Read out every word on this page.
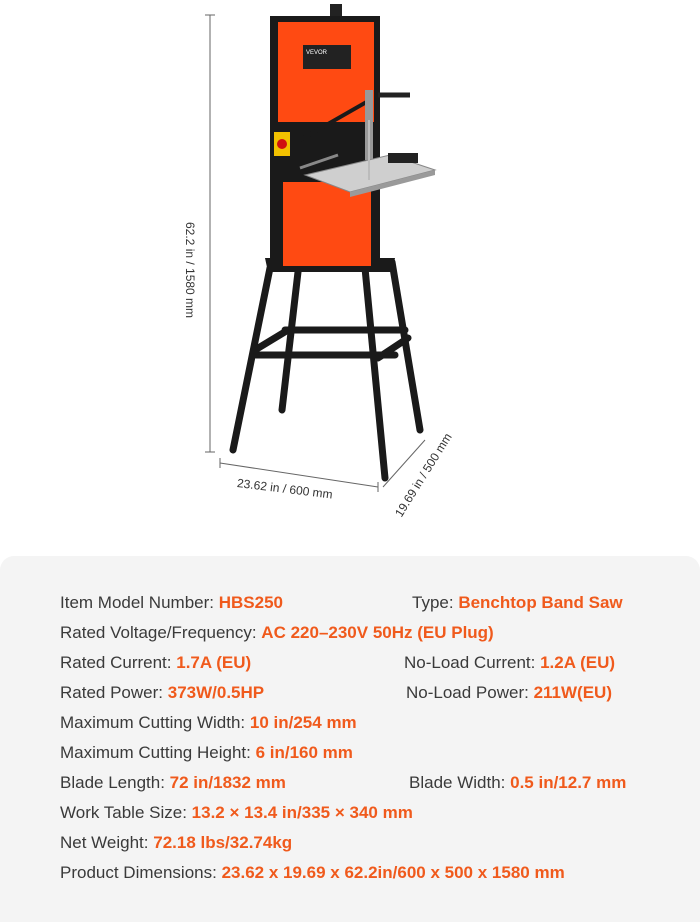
VEVOR
62.2 in / 1580 mm
23.62 in / 600 mm	19.69 in / 500 mm
Item Model Number: HBS250	Type: Benchtop Band Saw
Rated Voltage/Frequency: AC 220–230V 50Hz (EU Plug)
Rated Current: 1.7A (EU)	No-Load Current: 1.2A (EU)
Rated Power: 373W/0.5HP	No-Load Power: 211W(EU)
Maximum Cutting Width: 10 in/254 mm
Maximum Cutting Height: 6 in/160 mm
Blade Length: 72 in/1832 mm	Blade Width: 0.5 in/12.7 mm
Work Table Size: 13.2 × 13.4 in/335 × 340 mm
Net Weight: 72.18 lbs/32.74kg
Product Dimensions: 23.62 x 19.69 x 62.2in/600 x 500 x 1580 mm
